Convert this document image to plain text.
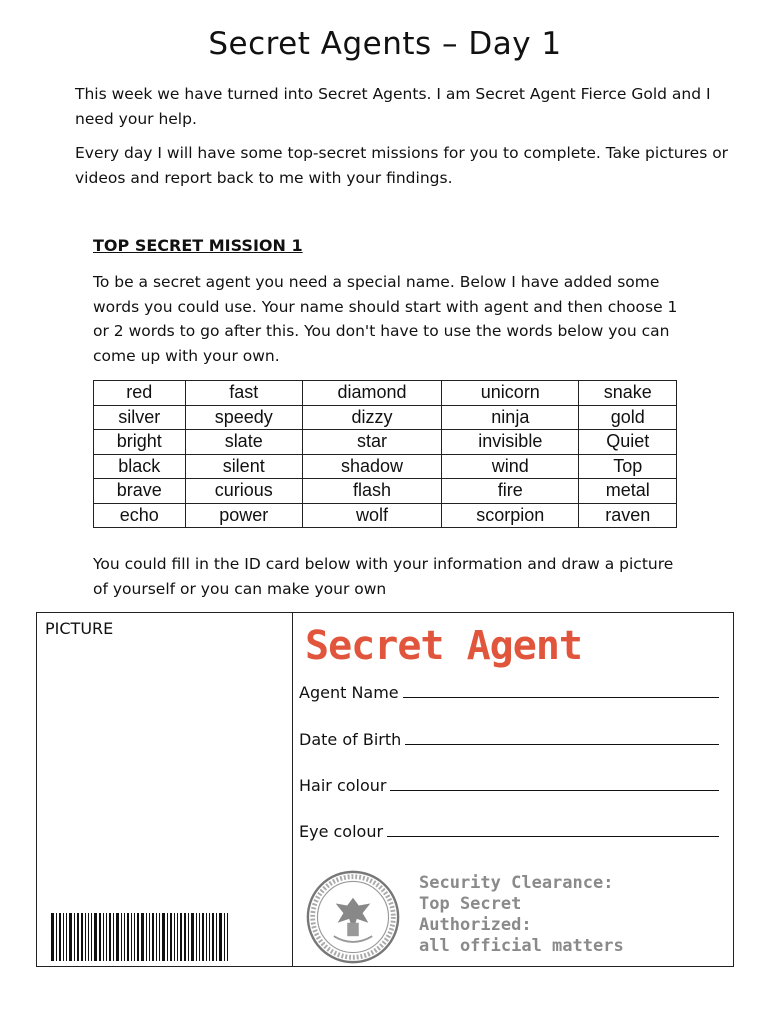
Secret Agents – Day 1

This week we have turned into Secret Agents. I am Secret Agent Fierce Gold and I need your help.

Every day I will have some top-secret missions for you to complete. Take pictures or videos and report back to me with your findings.

TOP SECRET MISSION 1

To be a secret agent you need a special name. Below I have added some words you could use. Your name should start with agent and then choose 1 or 2 words to go after this. You don't have to use the words below you can come up with your own.

red	fast	diamond	unicorn	snake
silver	speedy	dizzy	ninja	gold
bright	slate	star	invisible	Quiet
black	silent	shadow	wind	Top
brave	curious	flash	fire	metal
echo	power	wolf	scorpion	raven

You could fill in the ID card below with your information and draw a picture of yourself or you can make your own

PICTURE	Secret Agent
Agent Name
Date of Birth
Hair colour
Eye colour
Security Clearance:
Top Secret
Authorized:
all official matters
